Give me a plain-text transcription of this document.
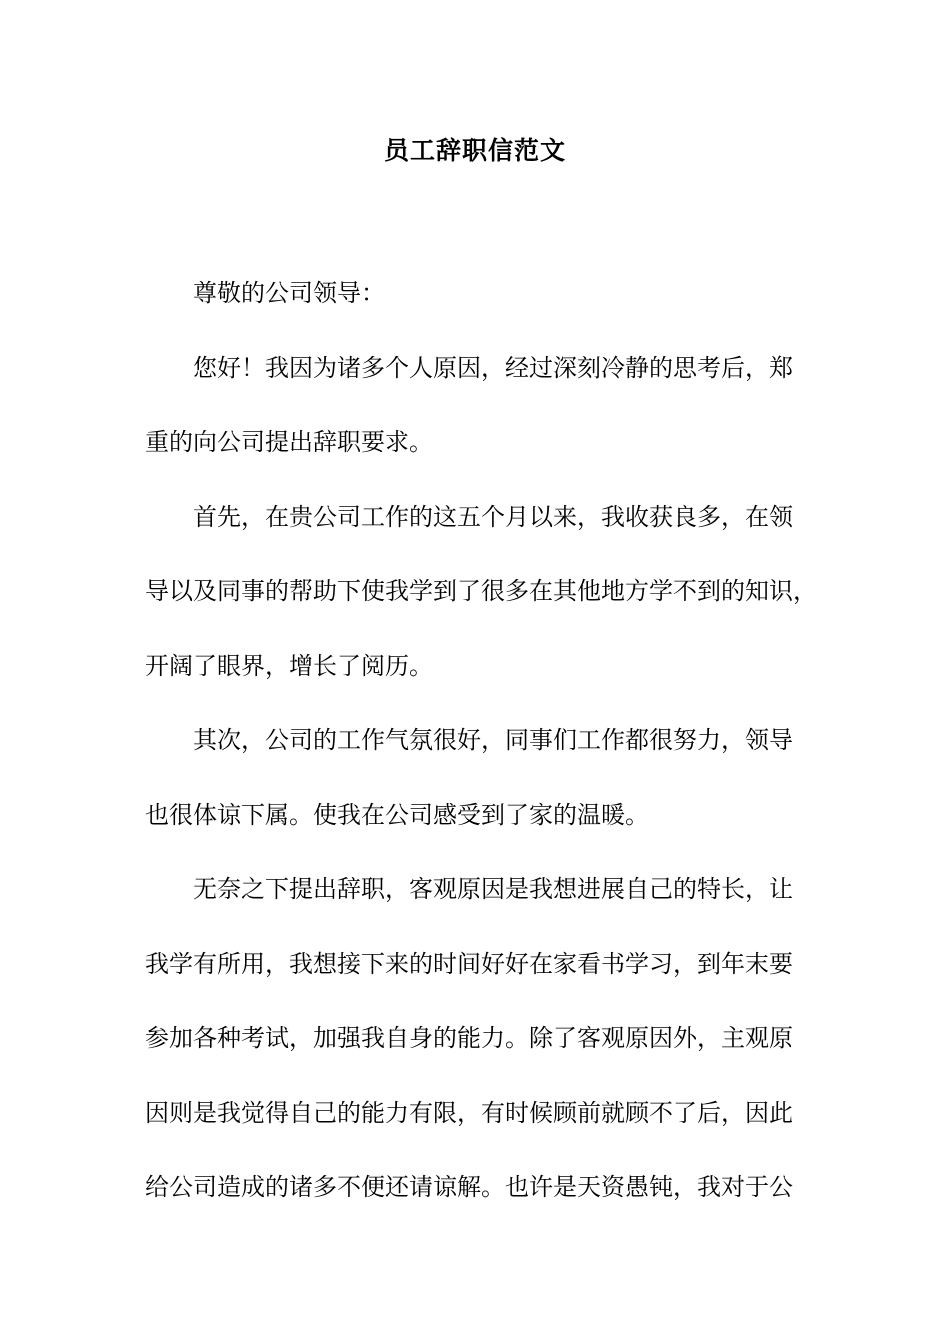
员工辞职信范文
尊敬的公司领导：
您好！我因为诸多个人原因，经过深刻冷静的思考后，郑
重的向公司提出辞职要求。
首先，在贵公司工作的这五个月以来，我收获良多，在领
导以及同事的帮助下使我学到了很多在其他地方学不到的知识，
开阔了眼界，增长了阅历。
其次，公司的工作气氛很好，同事们工作都很努力，领导
也很体谅下属。使我在公司感受到了家的温暖。
无奈之下提出辞职，客观原因是我想进展自己的特长，让
我学有所用，我想接下来的时间好好在家看书学习，到年末要
参加各种考试，加强我自身的能力。除了客观原因外，主观原
因则是我觉得自己的能力有限，有时候顾前就顾不了后，因此
给公司造成的诸多不便还请谅解。也许是天资愚钝，我对于公
